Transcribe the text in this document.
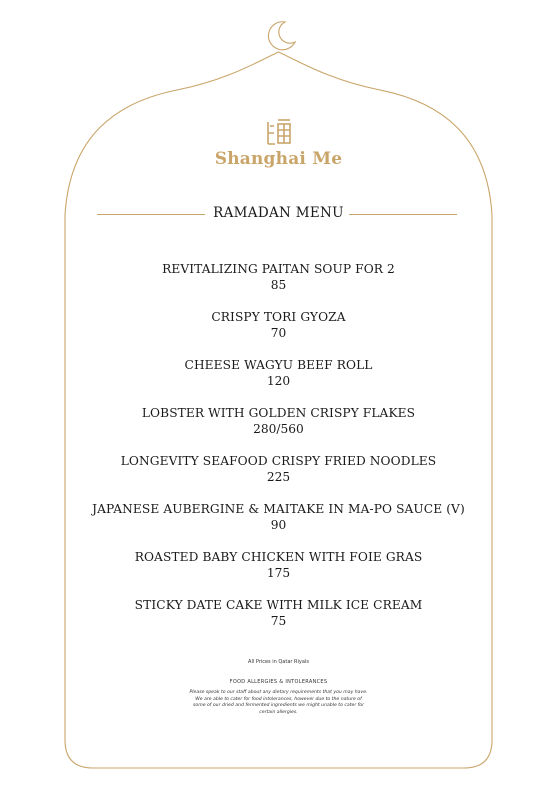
Shanghai Me
RAMADAN MENU
REVITALIZING PAITAN SOUP FOR 2
85
CRISPY TORI GYOZA
70
CHEESE WAGYU BEEF ROLL
120
LOBSTER WITH GOLDEN CRISPY FLAKES
280/560
LONGEVITY SEAFOOD CRISPY FRIED NOODLES
225
JAPANESE AUBERGINE & MAITAKE IN MA-PO SAUCE (V)
90
ROASTED BABY CHICKEN WITH FOIE GRAS
175
STICKY DATE CAKE WITH MILK ICE CREAM
75
All Prices in Qatar Riyals
FOOD ALLERGIES & INTOLERANCES
Please speak to our staff about any dietary requirements that you may have. We are able to cater for food intolerances, however due to the nature of some of our dried and fermented ingredients we might unable to cater for certain allergies.
